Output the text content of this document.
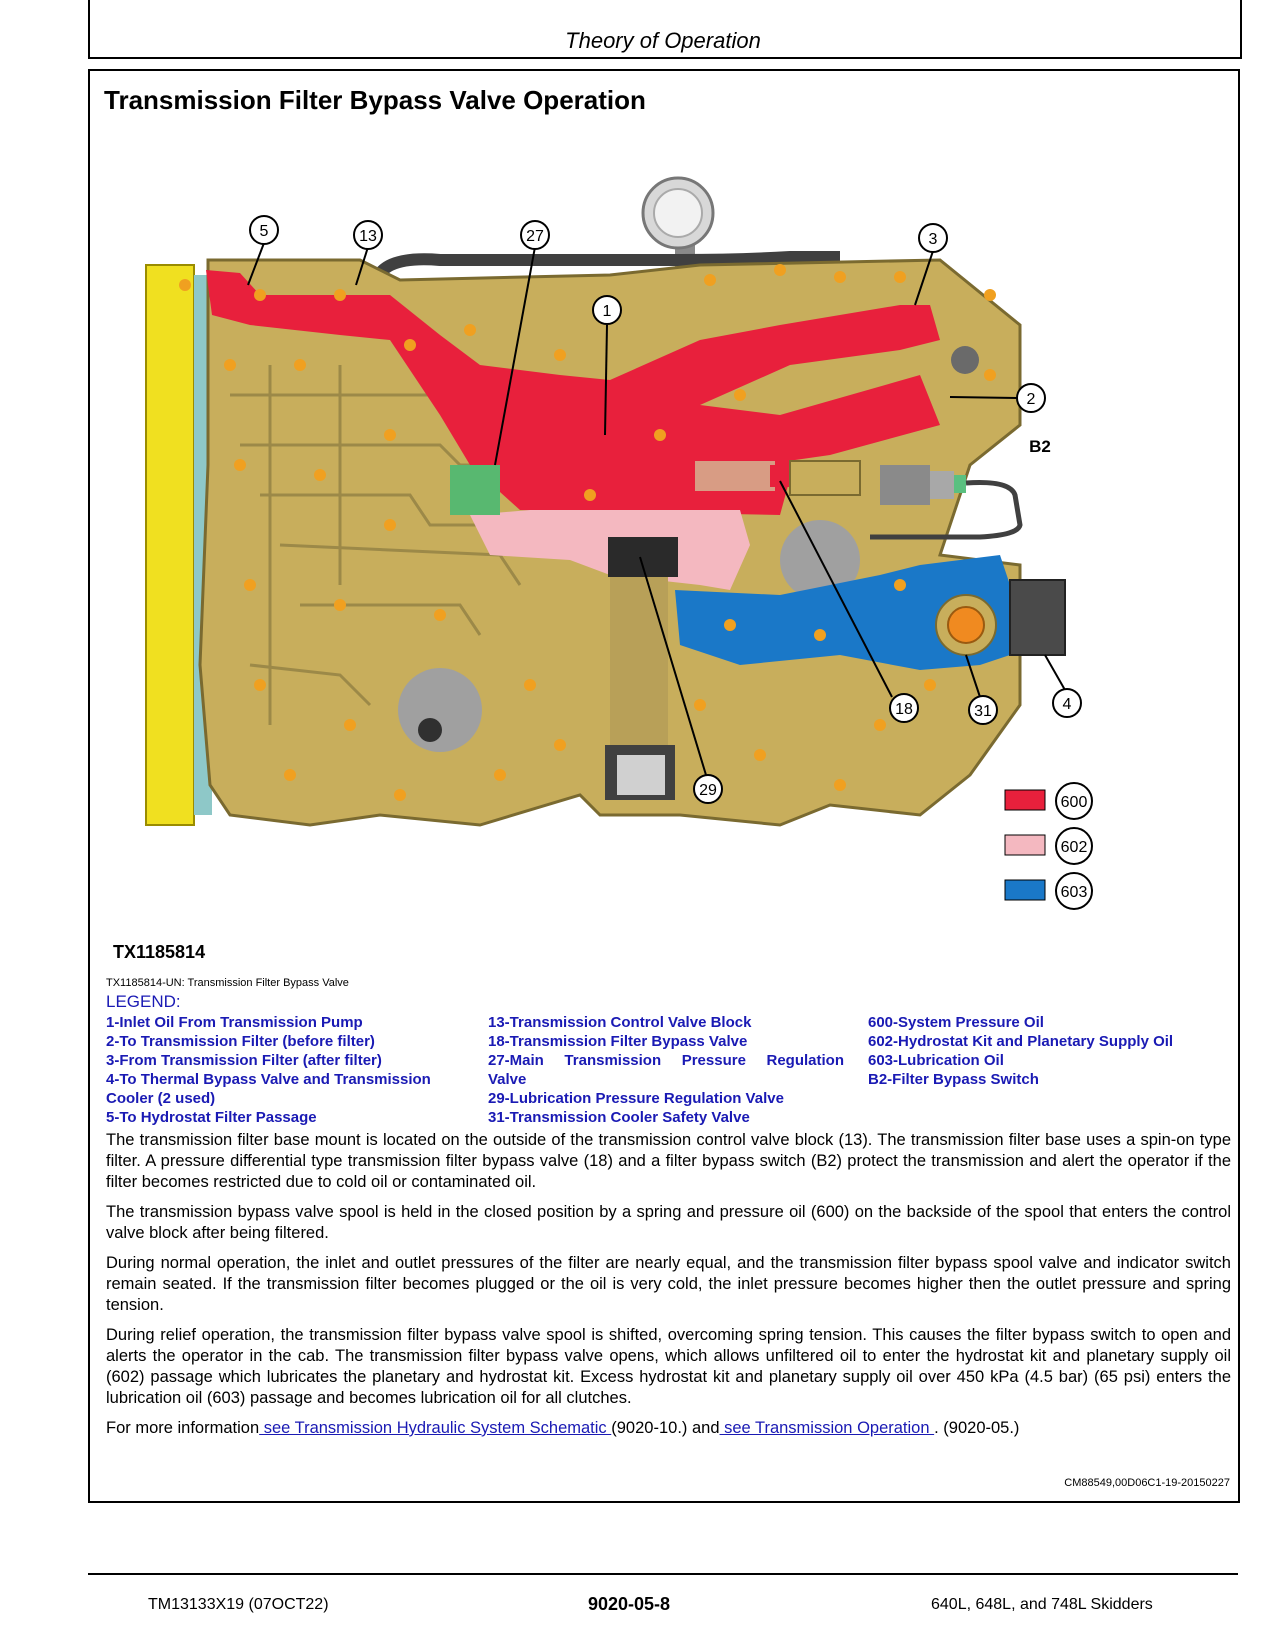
Theory of Operation
Transmission Filter Bypass Valve Operation
5	13	27
1
3
2
B2
18	31	4
29
600
602
603
TX1185814
TX1185814-UN: Transmission Filter Bypass Valve
LEGEND:
1-Inlet Oil From Transmission Pump
2-To Transmission Filter (before filter)
3-From Transmission Filter (after filter)
4-To Thermal Bypass Valve and Transmission
Cooler (2 used)
5-To Hydrostat Filter Passage
13-Transmission Control Valve Block
18-Transmission Filter Bypass Valve
27-Main Transmission Pressure Regulation
Valve
29-Lubrication Pressure Regulation Valve
31-Transmission Cooler Safety Valve
600-System Pressure Oil
602-Hydrostat Kit and Planetary Supply Oil
603-Lubrication Oil
B2-Filter Bypass Switch

The transmission filter base mount is located on the outside of the transmission control valve block (13). The transmission filter base uses a spin-on type filter. A pressure differential type transmission filter bypass valve (18) and a filter bypass switch (B2) protect the transmission and alert the operator if the filter becomes restricted due to cold oil or contaminated oil.

The transmission bypass valve spool is held in the closed position by a spring and pressure oil (600) on the backside of the spool that enters the control valve block after being filtered.

During normal operation, the inlet and outlet pressures of the filter are nearly equal, and the transmission filter bypass spool valve and indicator switch remain seated. If the transmission filter becomes plugged or the oil is very cold, the inlet pressure becomes higher then the outlet pressure and spring tension.

During relief operation, the transmission filter bypass valve spool is shifted, overcoming spring tension. This causes the filter bypass switch to open and alerts the operator in the cab. The transmission filter bypass valve opens, which allows unfiltered oil to enter the hydrostat kit and planetary supply oil (602) passage which lubricates the planetary and hydrostat kit. Excess hydrostat kit and planetary supply oil over 450 kPa (4.5 bar) (65 psi) enters the lubrication oil (603) passage and becomes lubrication oil for all clutches.

For more information see Transmission Hydraulic System Schematic (9020-10.) and see Transmission Operation . (9020-05.)

CM88549,00D06C1-19-20150227
TM13133X19 (07OCT22)	9020-05-8	640L, 648L, and 748L Skidders
